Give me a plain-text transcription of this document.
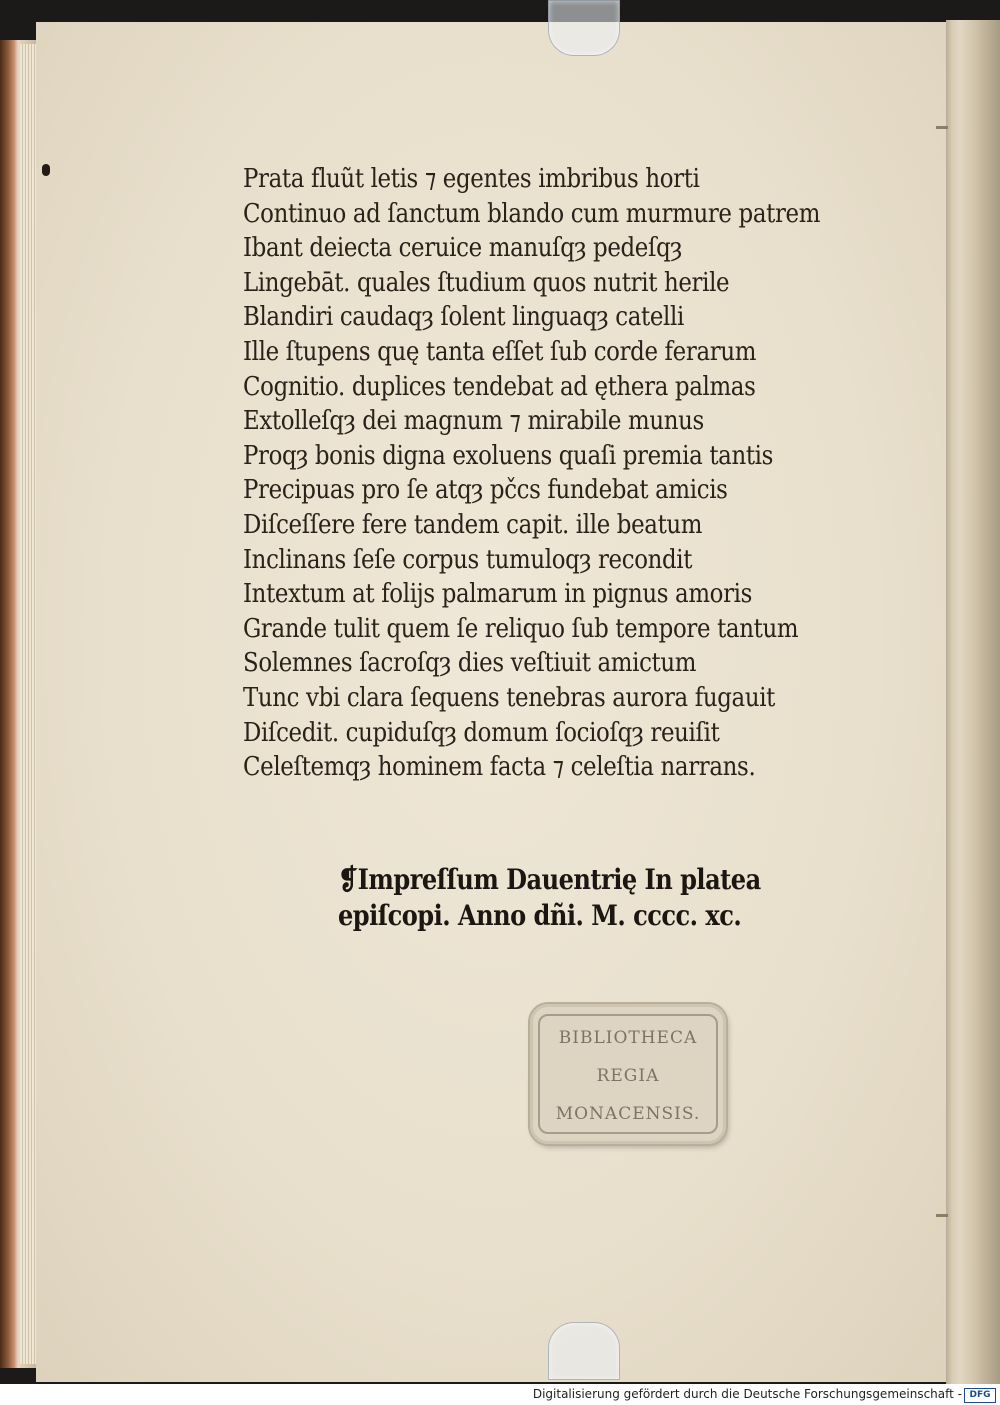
Prata fluũt letis ⁊ egentes imbribus horti
Continuo ad ſanctum blando cum murmure patrem
Ibant deiecta ceruice manuſqȝ pedeſqȝ
Lingebāt. quales ſtudium quos nutrit herile
Blandiri caudaqȝ ſolent linguaqȝ catelli
Ille ſtupens quę tanta eſſet ſub corde ferarum
Cognitio. duplices tendebat ad ęthera palmas
Extolleſqȝ dei magnum ⁊ mirabile munus
Proqȝ bonis digna exoluens quaſi premia tantis
Precipuas pro ſe atqȝ pčcs fundebat amicis
Diſceſſere fere tandem capit. ille beatum
Inclinans ſeſe corpus tumuloqȝ recondit
Intextum at folijs palmarum in pignus amoris
Grande tulit quem ſe reliquo ſub tempore tantum
Solemnes ſacroſqȝ dies veſtiuit amictum
Tunc vbi clara ſequens tenebras aurora fugauit
Diſcedit. cupiduſqȝ domum ſocioſqȝ reuiſit
Celeſtemqȝ hominem facta ⁊ celeſtia narrans.
❡Impreſſum Dauentrię In platea
epiſcopi. Anno dñi. M. cccc. xc.
BIBLIOTHECA
REGIA
MONACENSIS.
Digitalisierung gefördert durch die Deutsche Forschungsgemeinschaft - DFG
